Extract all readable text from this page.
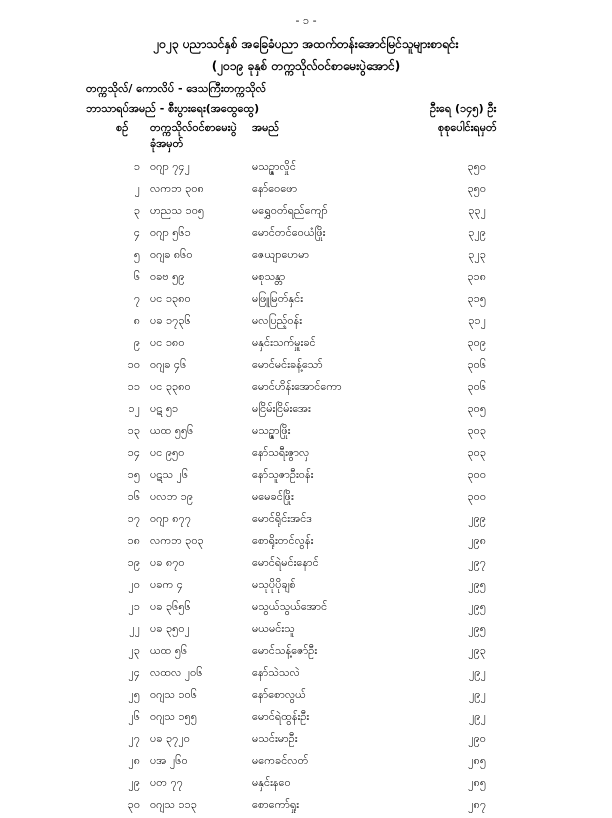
- ၁ -
၂၀၂၃ ပညာသင်နှစ် အခြေခံပညာ အထက်တန်းအောင်မြင်သူများစာရင်း
(၂၀၁၉ ခုနှစ် တက္ကသိုလ်ဝင်စာမေးပွဲအောင်)
တက္ကသိုလ်/ ကောလိပ် - ဒေသကြီးတက္ကသိုလ်
ဘာသာရပ်အမည် - စီးပွားရေး(အထွေထွေ)	ဦးရေ (၁၄၅) ဦး
စဉ် တက္ကသိုလ်ဝင်စာမေးပွဲ
ခုံအမှတ်
အမည်	စုစုပေါင်းရမှတ်
၁ ဝဂျာ ၇၄၂	မသဉ္ဇာလှိုင်	၃၅၀
၂ လကဘ ၃၀၈	နော်ဝေဖော	၃၅၀
၃ ဟညသ ၁၀၅	မရွှေဝတ်ရည်ကျော်	၃၃၂
၄ ဝဂျာ ၅၆၁	မောင်တင်ဝေယံဖြိုး	၃၂၉
၅ ဝဂျခ ၈၆၀	ဇေယျာဟေမာ	၃၂၃
၆ ဝခဗ ၅၉	မစုသန္တာ	၃၁၈
၇ ပင ၁၃၈၀	မဖြူမြတ်နှင်း	၃၁၅
၈ ပခ ၁၇၃၆	မလပြည့်ဝန်း	၃၁၂
၉ ပင ၁၈၀	မနှင်းသက်မှူးခင်	၃၀၉
၁၀ ဝဂျခ ၄၆	မောင်မင်းခန့်သော်	၃၀၆
၁၁ ပင ၃၃၈၀	မောင်ဟိန်းအောင်ကော	၃၀၆
၁၂ ပဋ ၅၁	မငြိမ်းငြိမ်းအေး	၃၀၅
၁၃ ယထ ၅၅၆	မသဉ္ဇာဖြိုး	၃၀၃
၁၄ ပင ၉၅၀	နော်သရီးဇွာလှ	၃၀၃
၁၅ ပဋသ ၂၆	နော်သူဇာဦးဝန်း	၃၀၀
၁၆ ပလဘ ၁၉	မမေခင်ဖြိုး	၃၀၀
၁၇ ဝဂျာ ၈၇၇	မောင်ရိုင်းအင်ဒ	၂၉၉
၁၈ လကဘ ၃၀၃	စောရိုးတင်လွန်း	၂၉၈
၁၉ ပခ ၈၇၀	မောင်ရဲမင်းနောင်	၂၉၇
၂၀ ပခက ၄	မသုပိုပိုချစ်	၂၉၅
၂၁ ပခ ၃၆၅၆	မသွယ်သွယ်အောင်	၂၉၅
၂၂ ပခ ၃၅၀၂	မယမင်းသူ	၂၉၅
၂၃ ယထ ၅၆	မောင်သန့်ဇော်ဦး	၂၉၃
၂၄ လထလ ၂၀၆	နော်သဲသလဲ	၂၉၂
၂၅ ဝဂျသ ၁၀၆	နော်စောလွယ်	၂၉၂
၂၆ ဝဂျသ ၁၅၅	မောင်ရဲထွန်းဦး	၂၉၂
၂၇ ပခ ၃၇၂၀	မသင်းမာဦး	၂၉၀
၂၈ ပအ ၂၆၀	မကေခင်လတ်	၂၈၅
၂၉ ပတ ၇၇	မနှင်းနဝေ	၂၈၅
၃၀ ဝဂျသ ၁၁၃	စောကော်ရှုး	၂၈၇
